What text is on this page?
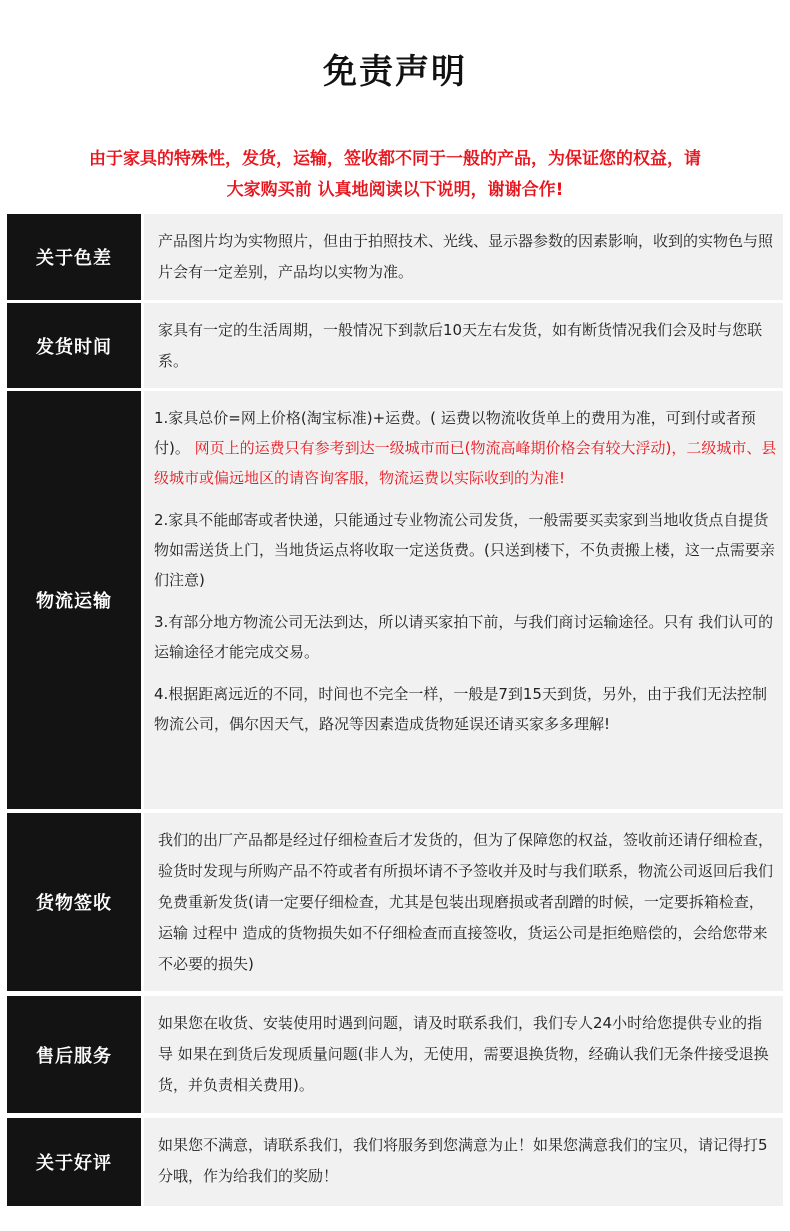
免责声明
由于家具的特殊性，发货，运输，签收都不同于一般的产品，为保证您的权益，请
大家购买前 认真地阅读以下说明，谢谢合作!
关于色差

产品图片均为实物照片，但由于拍照技术、光线、显示器参数的因素影响，收到的实物色与照片会有一定差别，产品均以实物为准。

发货时间

家具有一定的生活周期，一般情况下到款后10天左右发货，如有断货情况我们会及时与您联系。

物流运输

1.家具总价=网上价格(淘宝标准)+运费。( 运费以物流收货单上的费用为准，可到付或者预付)。 网页上的运费只有参考到达一级城市而已(物流高峰期价格会有较大浮动)，二级城市、县级城市或偏远地区的请咨询客服，物流运费以实际收到的为准!

2.家具不能邮寄或者快递，只能通过专业物流公司发货，一般需要买卖家到当地收货点自提货物如需送货上门，当地货运点将收取一定送货费。(只送到楼下，不负责搬上楼，这一点需要亲们注意)

3.有部分地方物流公司无法到达，所以请买家拍下前，与我们商讨运输途径。只有 我们认可的运输途径才能完成交易。

4.根据距离远近的不同，时间也不完全一样，一般是7到15天到货，另外，由于我们无法控制物流公司，偶尔因天气，路况等因素造成货物延误还请买家多多理解!

货物签收

我们的出厂产品都是经过仔细检查后才发货的，但为了保障您的权益，签收前还请仔细检查，验货时发现与所购产品不符或者有所损坏请不予签收并及时与我们联系，物流公司返回后我们免费重新发货(请一定要仔细检查，尤其是包装出现磨损或者刮蹭的时候，一定要拆箱检查，运输 过程中 造成的货物损失如不仔细检查而直接签收，货运公司是拒绝赔偿的，会给您带来不必要的损失)

售后服务

如果您在收货、安装使用时遇到问题，请及时联系我们，我们专人24小时给您提供专业的指导 如果在到货后发现质量问题(非人为，无使用，需要退换货物，经确认我们无条件接受退换货，并负责相关费用)。

关于好评

如果您不满意，请联系我们，我们将服务到您满意为止！如果您满意我们的宝贝，请记得打5分哦，作为给我们的奖励！
